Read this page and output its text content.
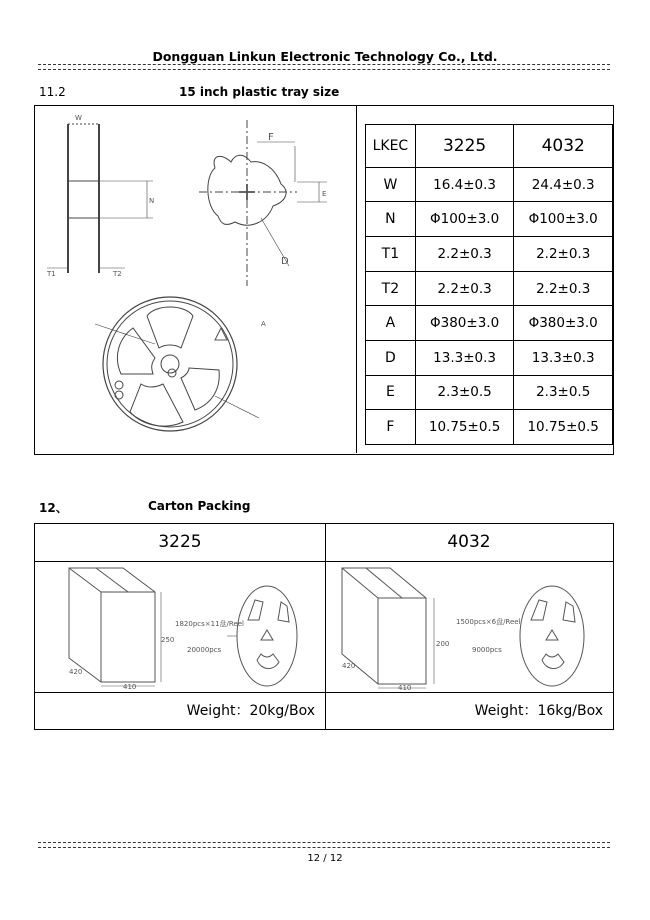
Dongguan Linkun Electronic Technology Co., Ltd.
11.2	15 inch plastic tray size
W
N
T1	T2
A
F
E
D
LKEC	3225	4032
W	16.4±0.3	24.4±0.3
N	Φ100±3.0	Φ100±3.0
T1	2.2±0.3	2.2±0.3
T2	2.2±0.3	2.2±0.3
A	Φ380±3.0	Φ380±3.0
D	13.3±0.3	13.3±0.3
E	2.3±0.5	2.3±0.5
F	10.75±0.5	10.75±0.5
12、	Carton Packing
3225
250
420
410
1820pcs×11盘/Reel
20000pcs
Weight：20kg/Box
4032
200
420
410
1500pcs×6盘/Reel
9000pcs
Weight：16kg/Box
12 / 12
